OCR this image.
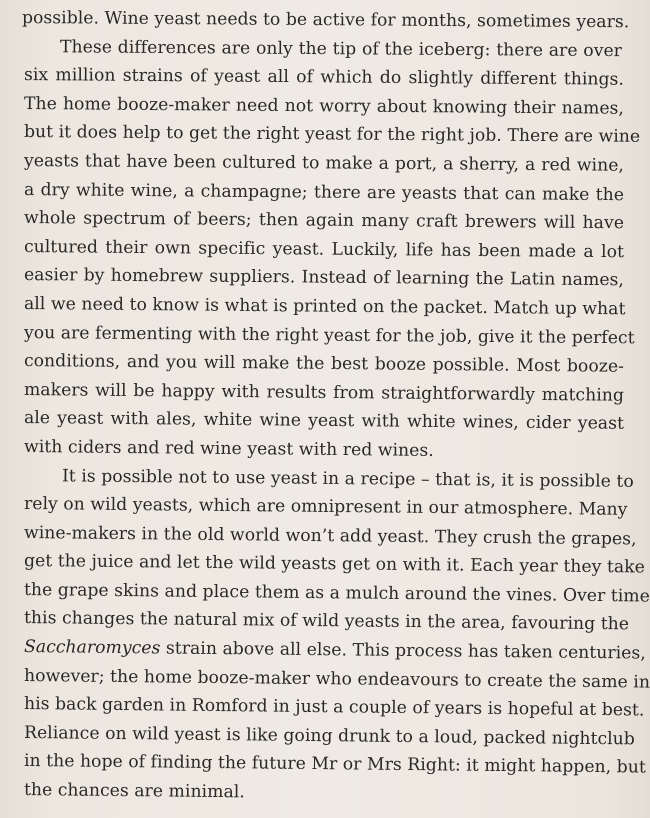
possible. Wine yeast needs to be active for months, sometimes years.
These differences are only the tip of the iceberg: there are over
six million strains of yeast all of which do slightly different things.
The home booze-maker need not worry about knowing their names,
but it does help to get the right yeast for the right job. There are wine
yeasts that have been cultured to make a port, a sherry, a red wine,
a dry white wine, a champagne; there are yeasts that can make the
whole spectrum of beers; then again many craft brewers will have
cultured their own specific yeast. Luckily, life has been made a lot
easier by homebrew suppliers. Instead of learning the Latin names,
all we need to know is what is printed on the packet. Match up what
you are fermenting with the right yeast for the job, give it the perfect
conditions, and you will make the best booze possible. Most booze-
makers will be happy with results from straightforwardly matching
ale yeast with ales, white wine yeast with white wines, cider yeast
with ciders and red wine yeast with red wines.
It is possible not to use yeast in a recipe – that is, it is possible to
rely on wild yeasts, which are omnipresent in our atmosphere. Many
wine-makers in the old world won’t add yeast. They crush the grapes,
get the juice and let the wild yeasts get on with it. Each year they take
the grape skins and place them as a mulch around the vines. Over time
this changes the natural mix of wild yeasts in the area, favouring the
Saccharomyces strain above all else. This process has taken centuries,
however; the home booze-maker who endeavours to create the same in
his back garden in Romford in just a couple of years is hopeful at best.
Reliance on wild yeast is like going drunk to a loud, packed nightclub
in the hope of finding the future Mr or Mrs Right: it might happen, but
the chances are minimal.
